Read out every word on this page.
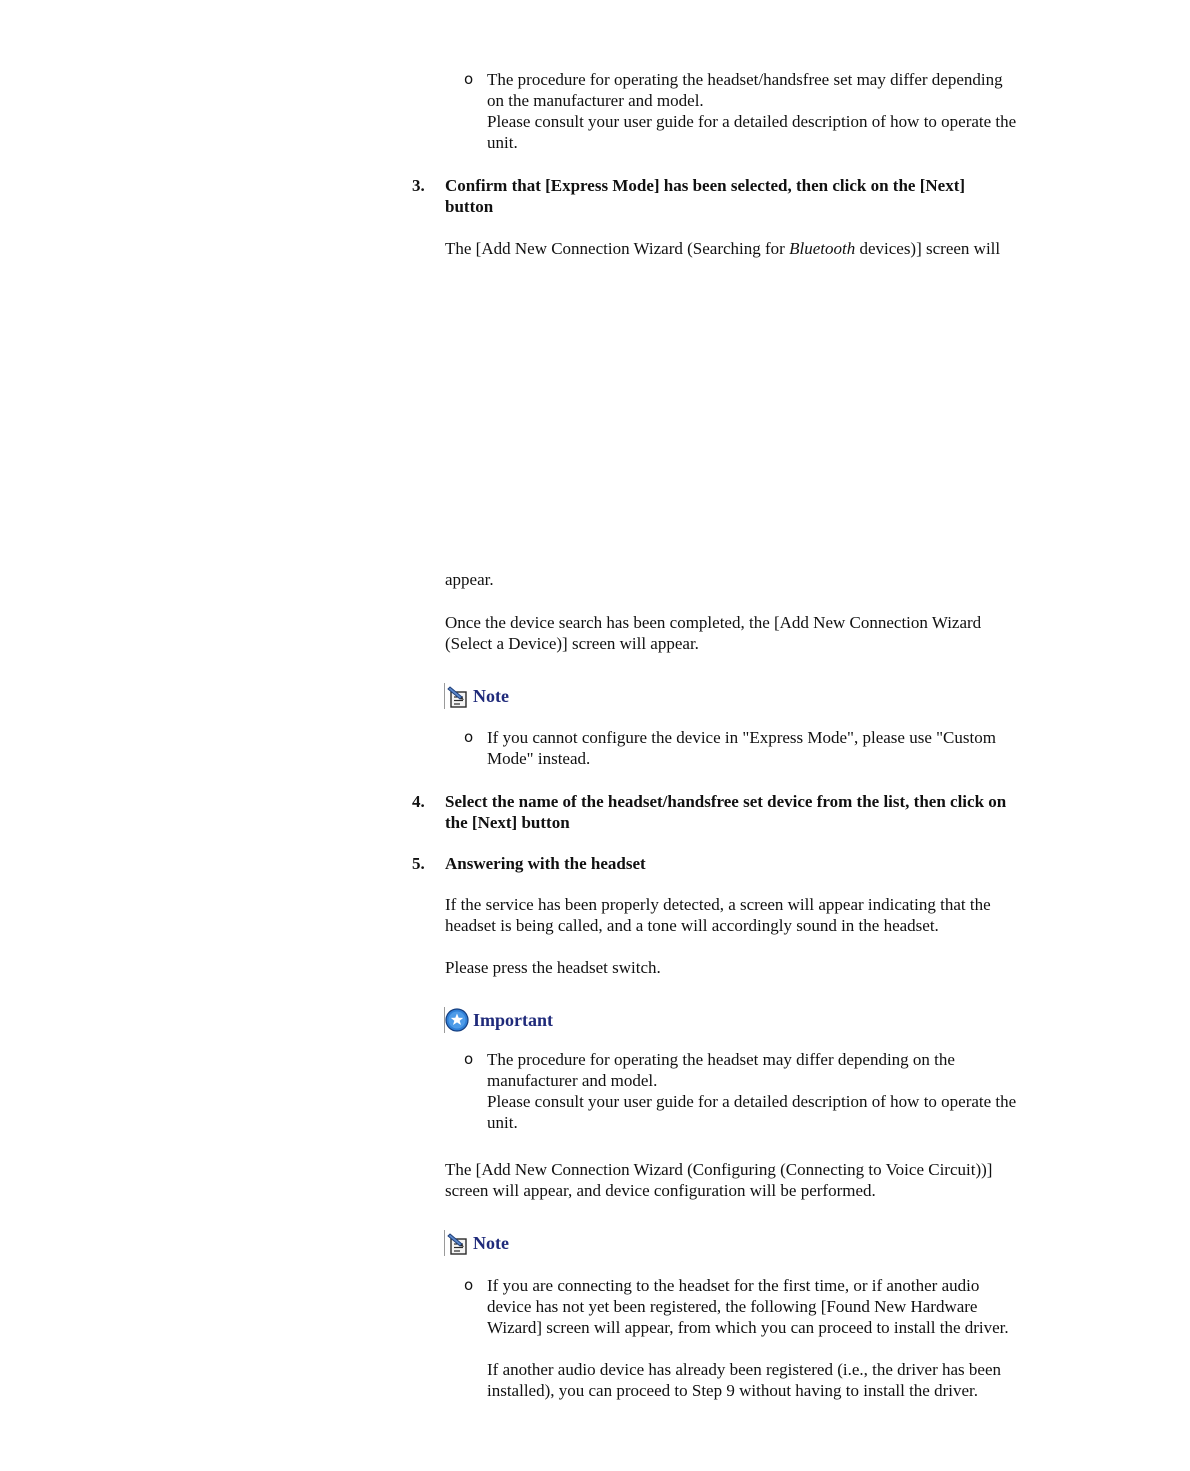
o The procedure for operating the headset/handsfree set may differ depending
on the manufacturer and model.
Please consult your user guide for a detailed description of how to operate the
unit.
3. Confirm that [Express Mode] has been selected, then click on the [Next]
button
The [Add New Connection Wizard (Searching for Bluetooth devices)] screen will
appear.
Once the device search has been completed, the [Add New Connection Wizard
(Select a Device)] screen will appear.
Note
o If you cannot configure the device in "Express Mode", please use "Custom
Mode" instead.
4. Select the name of the headset/handsfree set device from the list, then click on
the [Next] button
5. Answering with the headset
If the service has been properly detected, a screen will appear indicating that the
headset is being called, and a tone will accordingly sound in the headset.
Please press the headset switch.
Important
o The procedure for operating the headset may differ depending on the
manufacturer and model.
Please consult your user guide for a detailed description of how to operate the
unit.
The [Add New Connection Wizard (Configuring (Connecting to Voice Circuit))]
screen will appear, and device configuration will be performed.
Note
o If you are connecting to the headset for the first time, or if another audio
device has not yet been registered, the following [Found New Hardware
Wizard] screen will appear, from which you can proceed to install the driver.
If another audio device has already been registered (i.e., the driver has been
installed), you can proceed to Step 9 without having to install the driver.
